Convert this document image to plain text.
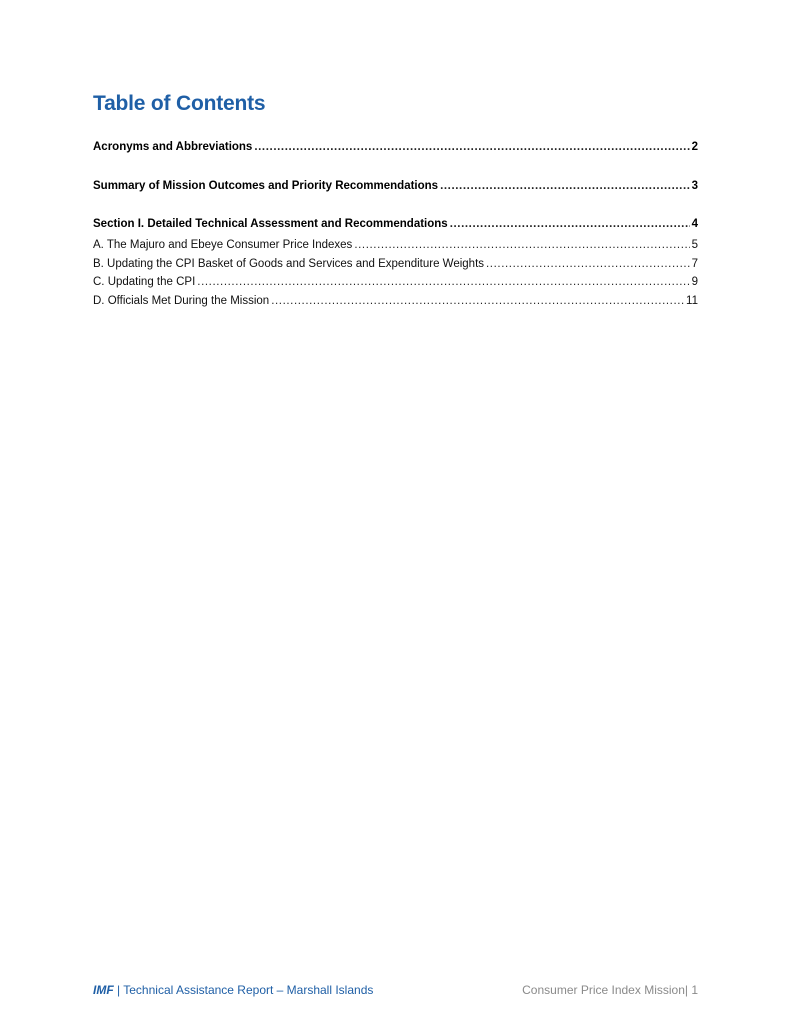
Table of Contents
Acronyms and Abbreviations .....	2
Summary of Mission Outcomes and Priority Recommendations .....	3
Section I. Detailed Technical Assessment and Recommendations .....	4
A. The Majuro and Ebeye Consumer Price Indexes .....	5
B. Updating the CPI Basket of Goods and Services and Expenditure Weights .....	7
C. Updating the CPI .....	9
D. Officials Met During the Mission .....	11
IMF | Technical Assistance Report – Marshall Islands	Consumer Price Index Mission| 1
